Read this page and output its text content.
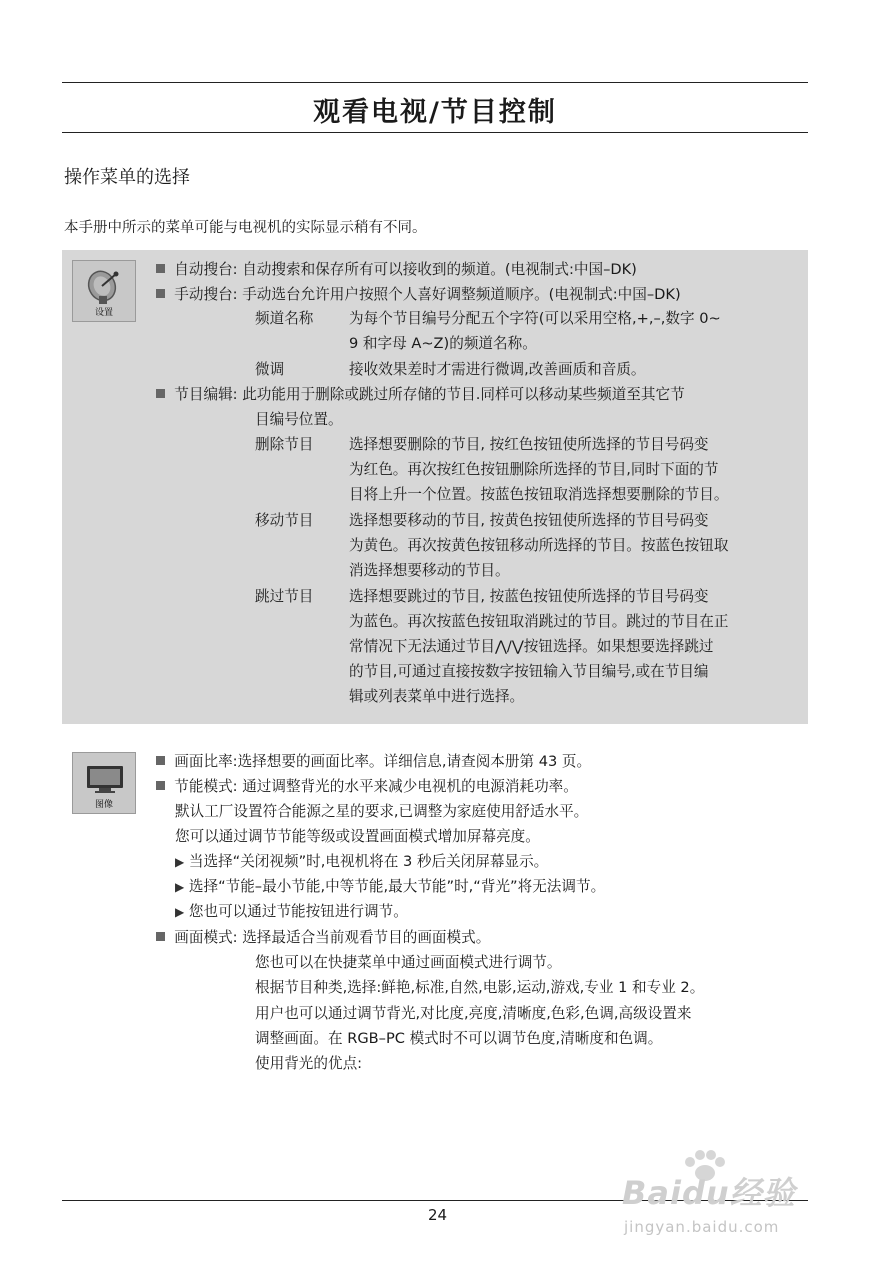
观看电视/节目控制
操作菜单的选择
本手册中所示的菜单可能与电视机的实际显示稍有不同。
设置
自动搜台: 自动搜索和保存所有可以接收到的频道。(电视制式:中国–DK)
手动搜台: 手动选台允许用户按照个人喜好调整频道顺序。(电视制式:中国–DK)
频道名称 为每个节目编号分配五个字符(可以采用空格,+,–,数字 0~
9 和字母 A~Z)的频道名称。
微调	接收效果差时才需进行微调,改善画质和音质。
节目编辑: 此功能用于删除或跳过所存储的节目.同样可以移动某些频道至其它节
目编号位置。
删除节目 选择想要删除的节目, 按红色按钮使所选择的节目号码变
为红色。再次按红色按钮删除所选择的节目,同时下面的节
目将上升一个位置。按蓝色按钮取消选择想要删除的节目。
移动节目 选择想要移动的节目, 按黄色按钮使所选择的节目号码变
为黄色。再次按黄色按钮移动所选择的节目。按蓝色按钮取
消选择想要移动的节目。
跳过节目 选择想要跳过的节目, 按蓝色按钮使所选择的节目号码变
为蓝色。再次按蓝色按钮取消跳过的节目。跳过的节目在正
常情况下无法通过节目⋀/⋁按钮选择。如果想要选择跳过
的节目,可通过直接按数字按钮输入节目编号,或在节目编
辑或列表菜单中进行选择。
图像
画面比率:选择想要的画面比率。详细信息,请查阅本册第 43 页。
节能模式: 通过调整背光的水平来减少电视机的电源消耗功率。
默认工厂设置符合能源之星的要求,已调整为家庭使用舒适水平。
您可以通过调节节能等级或设置画面模式增加屏幕亮度。
▶ 当选择“关闭视频”时,电视机将在 3 秒后关闭屏幕显示。
▶ 选择“节能–最小节能,中等节能,最大节能”时,“背光”将无法调节。
▶ 您也可以通过节能按钮进行调节。
画面模式: 选择最适合当前观看节目的画面模式。
您也可以在快捷菜单中通过画面模式进行调节。
根据节目种类,选择:鲜艳,标准,自然,电影,运动,游戏,专业 1 和专业 2。
用户也可以通过调节背光,对比度,亮度,清晰度,色彩,色调,高级设置来
调整画面。在 RGB–PC 模式时不可以调节色度,清晰度和色调。
使用背光的优点:
24
Baidu经验
jingyan.baidu.com
